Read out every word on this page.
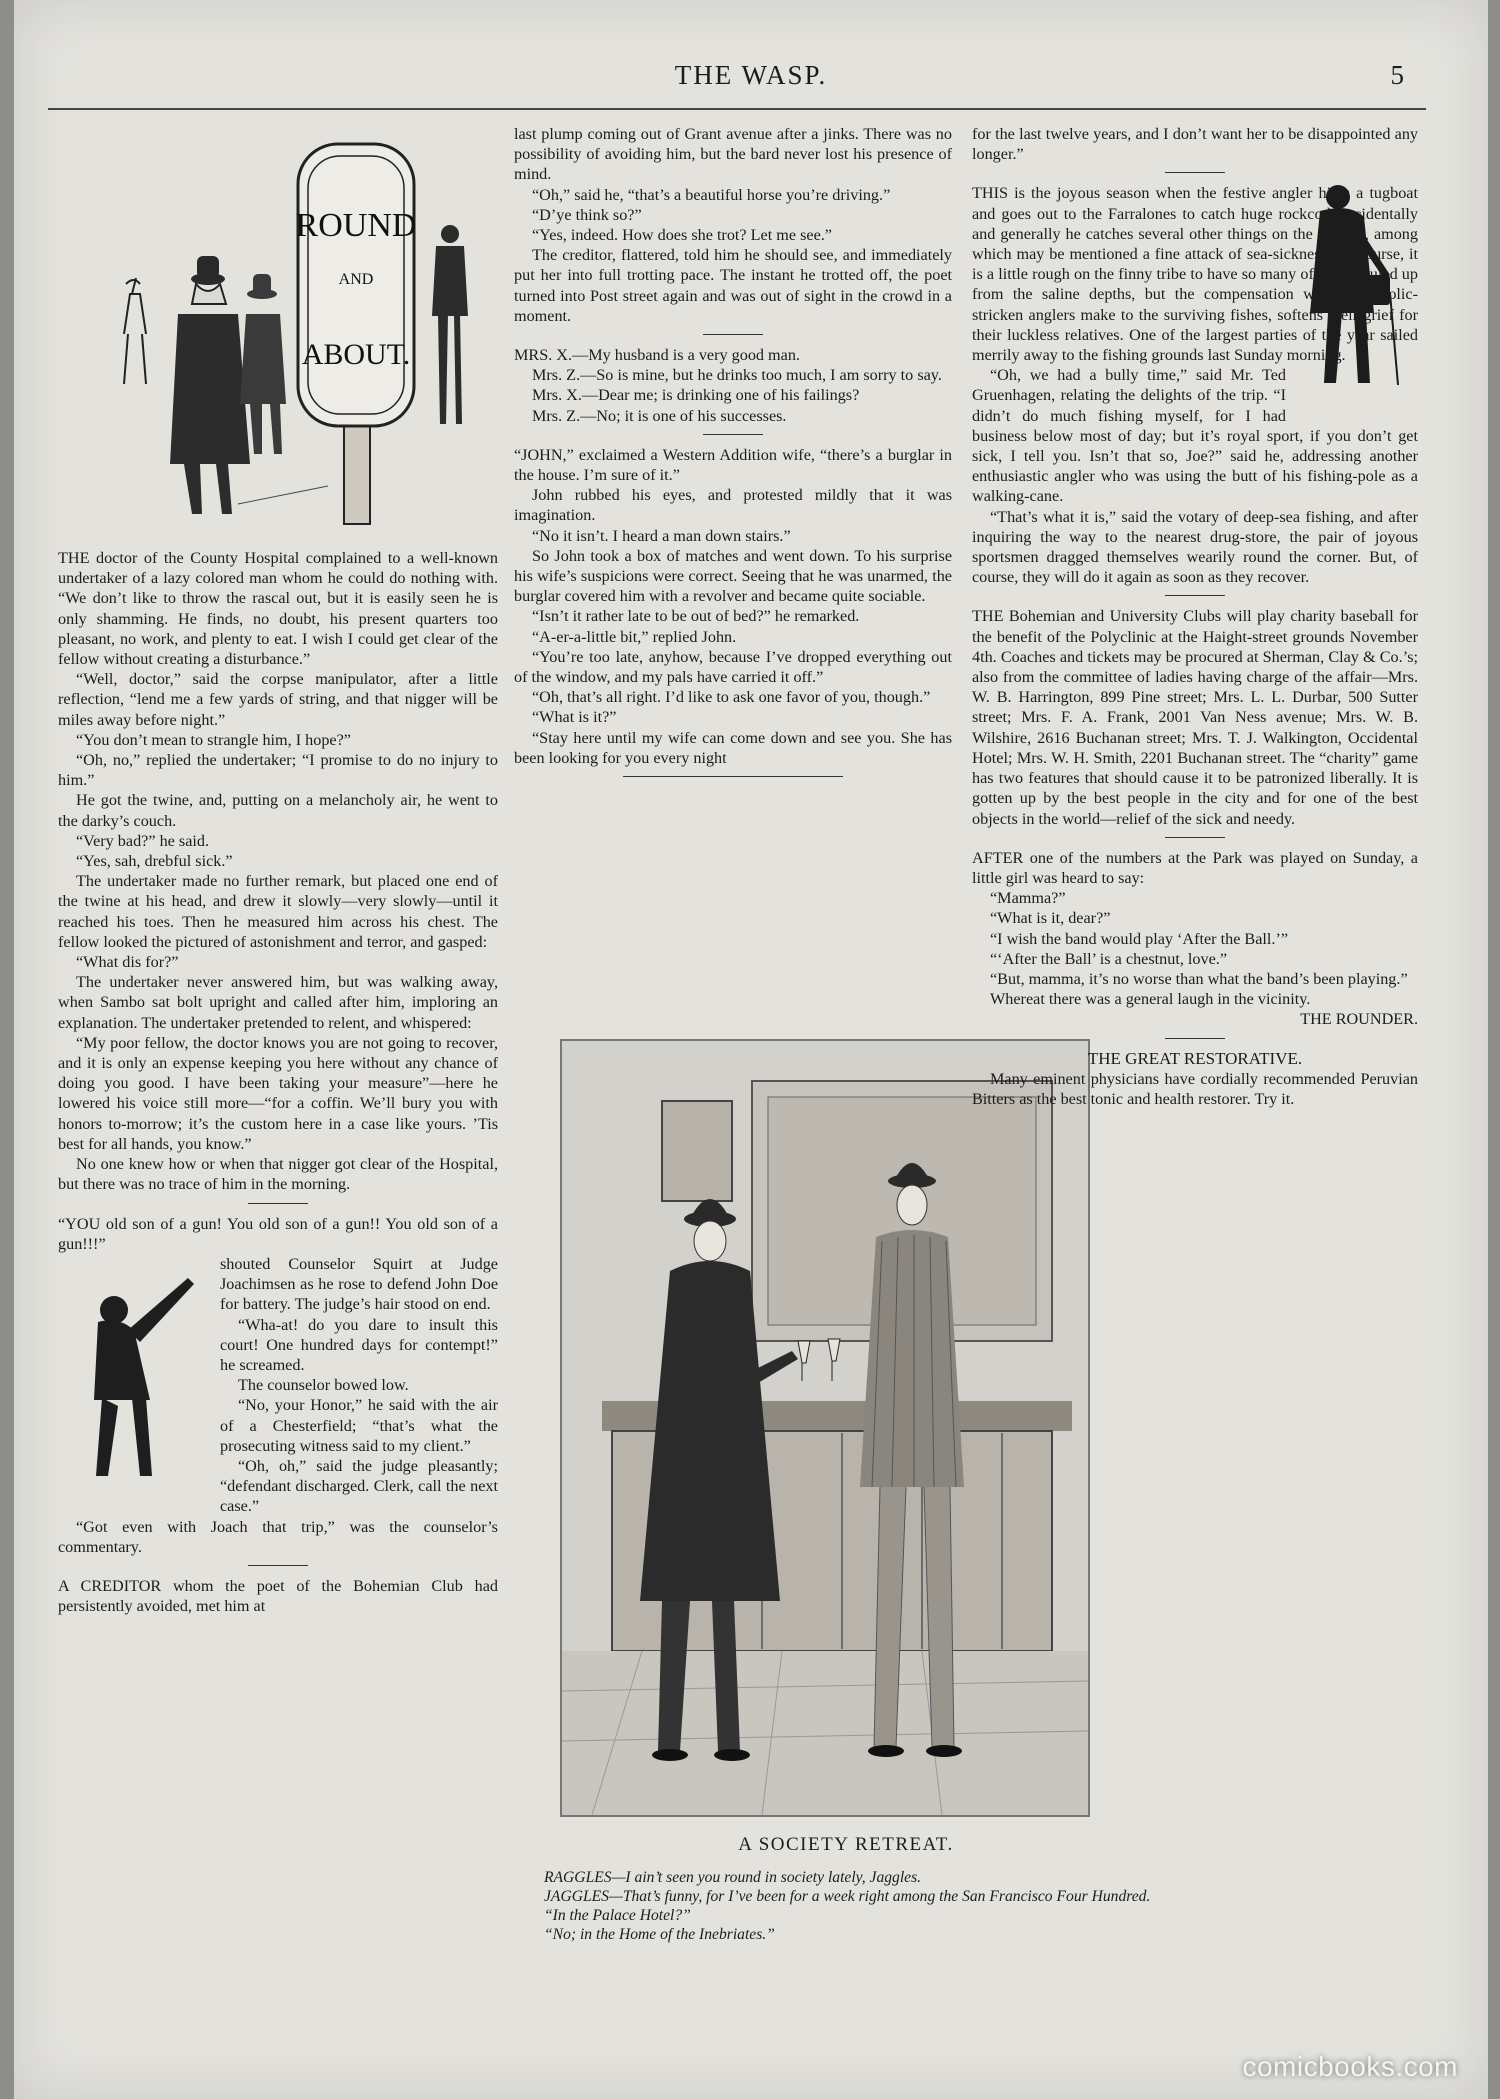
THE WASP.	5
ROUND
AND
ABOUT.

THE doctor of the County Hospital complained to a well-known undertaker of a lazy colored man whom he could do nothing with. “We don’t like to throw the rascal out, but it is easily seen he is only shamming. He finds, no doubt, his present quarters too pleasant, no work, and plenty to eat. I wish I could get clear of the fellow without creating a disturbance.”

“Well, doctor,” said the corpse manipulator, after a little reflection, “lend me a few yards of string, and that nigger will be miles away before night.”

“You don’t mean to strangle him, I hope?”

“Oh, no,” replied the undertaker; “I promise to do no injury to him.”

He got the twine, and, putting on a melancholy air, he went to the darky’s couch.

“Very bad?” he said.

“Yes, sah, drebful sick.”

The undertaker made no further remark, but placed one end of the twine at his head, and drew it slowly—very slowly—until it reached his toes. Then he measured him across his chest. The fellow looked the pictured of astonishment and terror, and gasped:

“What dis for?”

The undertaker never answered him, but was walking away, when Sambo sat bolt upright and called after him, imploring an explanation. The undertaker pretended to relent, and whispered:

“My poor fellow, the doctor knows you are not going to recover, and it is only an expense keeping you here without any chance of doing you good. I have been taking your measure”—here he lowered his voice still more—“for a coffin. We’ll bury you with honors to-morrow; it’s the custom here in a case like yours. ’Tis best for all hands, you know.”

No one knew how or when that nigger got clear of the Hospital, but there was no trace of him in the morning.

“YOU old son of a gun! You old son of a gun!! You old son of a gun!!!”

shouted Counselor Squirt at Judge Joachimsen as he rose to defend John Doe for battery. The judge’s hair stood on end.

“Wha-at! do you dare to insult this court! One hundred days for contempt!” he screamed.

The counselor bowed low.

“No, your Honor,” he said with the air of a Chesterfield; “that’s what the prosecuting witness said to my client.”

“Oh, oh,” said the judge pleasantly; “defendant discharged. Clerk, call the next case.”

“Got even with Joach that trip,” was the counselor’s commentary.

A CREDITOR whom the poet of the Bohemian Club had persistently avoided, met him at

last plump coming out of Grant avenue after a jinks. There was no possibility of avoiding him, but the bard never lost his presence of mind.

“Oh,” said he, “that’s a beautiful horse you’re driving.”

“D’ye think so?”

“Yes, indeed. How does she trot? Let me see.”

The creditor, flattered, told him he should see, and immediately put her into full trotting pace. The instant he trotted off, the poet turned into Post street again and was out of sight in the crowd in a moment.

MRS. X.—My husband is a very good man.

Mrs. Z.—So is mine, but he drinks too much, I am sorry to say.

Mrs. X.—Dear me; is drinking one of his failings?

Mrs. Z.—No; it is one of his successes.

“JOHN,” exclaimed a Western Addition wife, “there’s a burglar in the house. I’m sure of it.”

John rubbed his eyes, and protested mildly that it was imagination.

“No it isn’t. I heard a man down stairs.”

So John took a box of matches and went down. To his surprise his wife’s suspicions were correct. Seeing that he was unarmed, the burglar covered him with a revolver and became quite sociable.

“Isn’t it rather late to be out of bed?” he remarked.

“A-er-a-little bit,” replied John.

“You’re too late, anyhow, because I’ve dropped everything out of the window, and my pals have carried it off.”

“Oh, that’s all right. I’d like to ask one favor of you, though.”

“What is it?”

“Stay here until my wife can come down and see you. She has been looking for you every night

A SOCIETY RETREAT.
RAGGLES—I ain’t seen you round in society lately, Jaggles.
JAGGLES—That’s funny, for I’ve been for a week right among the San Francisco Four Hundred.
“In the Palace Hotel?”
“No; in the Home of the Inebriates.”

for the last twelve years, and I don’t want her to be disappointed any longer.”

THIS is the joyous season when the festive angler hires a tugboat and goes out to the Farralones to catch huge rockcod. Incidentally and generally he catches several other things on the the trip, among which may be mentioned a fine attack of sea-sickness. Of course, it is a little rough on the finny tribe to have so many of them hauled up from the saline depths, but the compensation which the colic-stricken anglers make to the surviving fishes, softens their grief for their luckless relatives. One of the largest parties of the year sailed merrily away to the fishing grounds last Sunday morning.

“Oh, we had a bully time,” said Mr. Ted Gruenhagen, relating the delights of the trip. “I didn’t do much fishing myself, for I had business below most of day; but it’s royal sport, if you don’t get sick, I tell you. Isn’t that so, Joe?” said he, addressing another enthusiastic angler who was using the butt of his fishing-pole as a walking-cane.

“That’s what it is,” said the votary of deep-sea fishing, and after inquiring the way to the nearest drug-store, the pair of joyous sportsmen dragged themselves wearily round the corner. But, of course, they will do it again as soon as they recover.

THE Bohemian and University Clubs will play charity baseball for the benefit of the Polyclinic at the Haight-street grounds November 4th. Coaches and tickets may be procured at Sherman, Clay & Co.’s; also from the committee of ladies having charge of the affair—Mrs. W. B. Harrington, 899 Pine street; Mrs. L. L. Durbar, 500 Sutter street; Mrs. F. A. Frank, 2001 Van Ness avenue; Mrs. W. B. Wilshire, 2616 Buchanan street; Mrs. T. J. Walkington, Occidental Hotel; Mrs. W. H. Smith, 2201 Buchanan street. The “charity” game has two features that should cause it to be patronized liberally. It is gotten up by the best people in the city and for one of the best objects in the world—relief of the sick and needy.

AFTER one of the numbers at the Park was played on Sunday, a little girl was heard to say:

“Mamma?”

“What is it, dear?”

“I wish the band would play ‘After the Ball.’”

“‘After the Ball’ is a chestnut, love.”

“But, mamma, it’s no worse than what the band’s been playing.”

Whereat there was a general laugh in the vicinity.

THE ROUNDER.

THE GREAT RESTORATIVE.

Many eminent physicians have cordially recommended Peruvian Bitters as the best tonic and health restorer. Try it.

comicbooks.com
